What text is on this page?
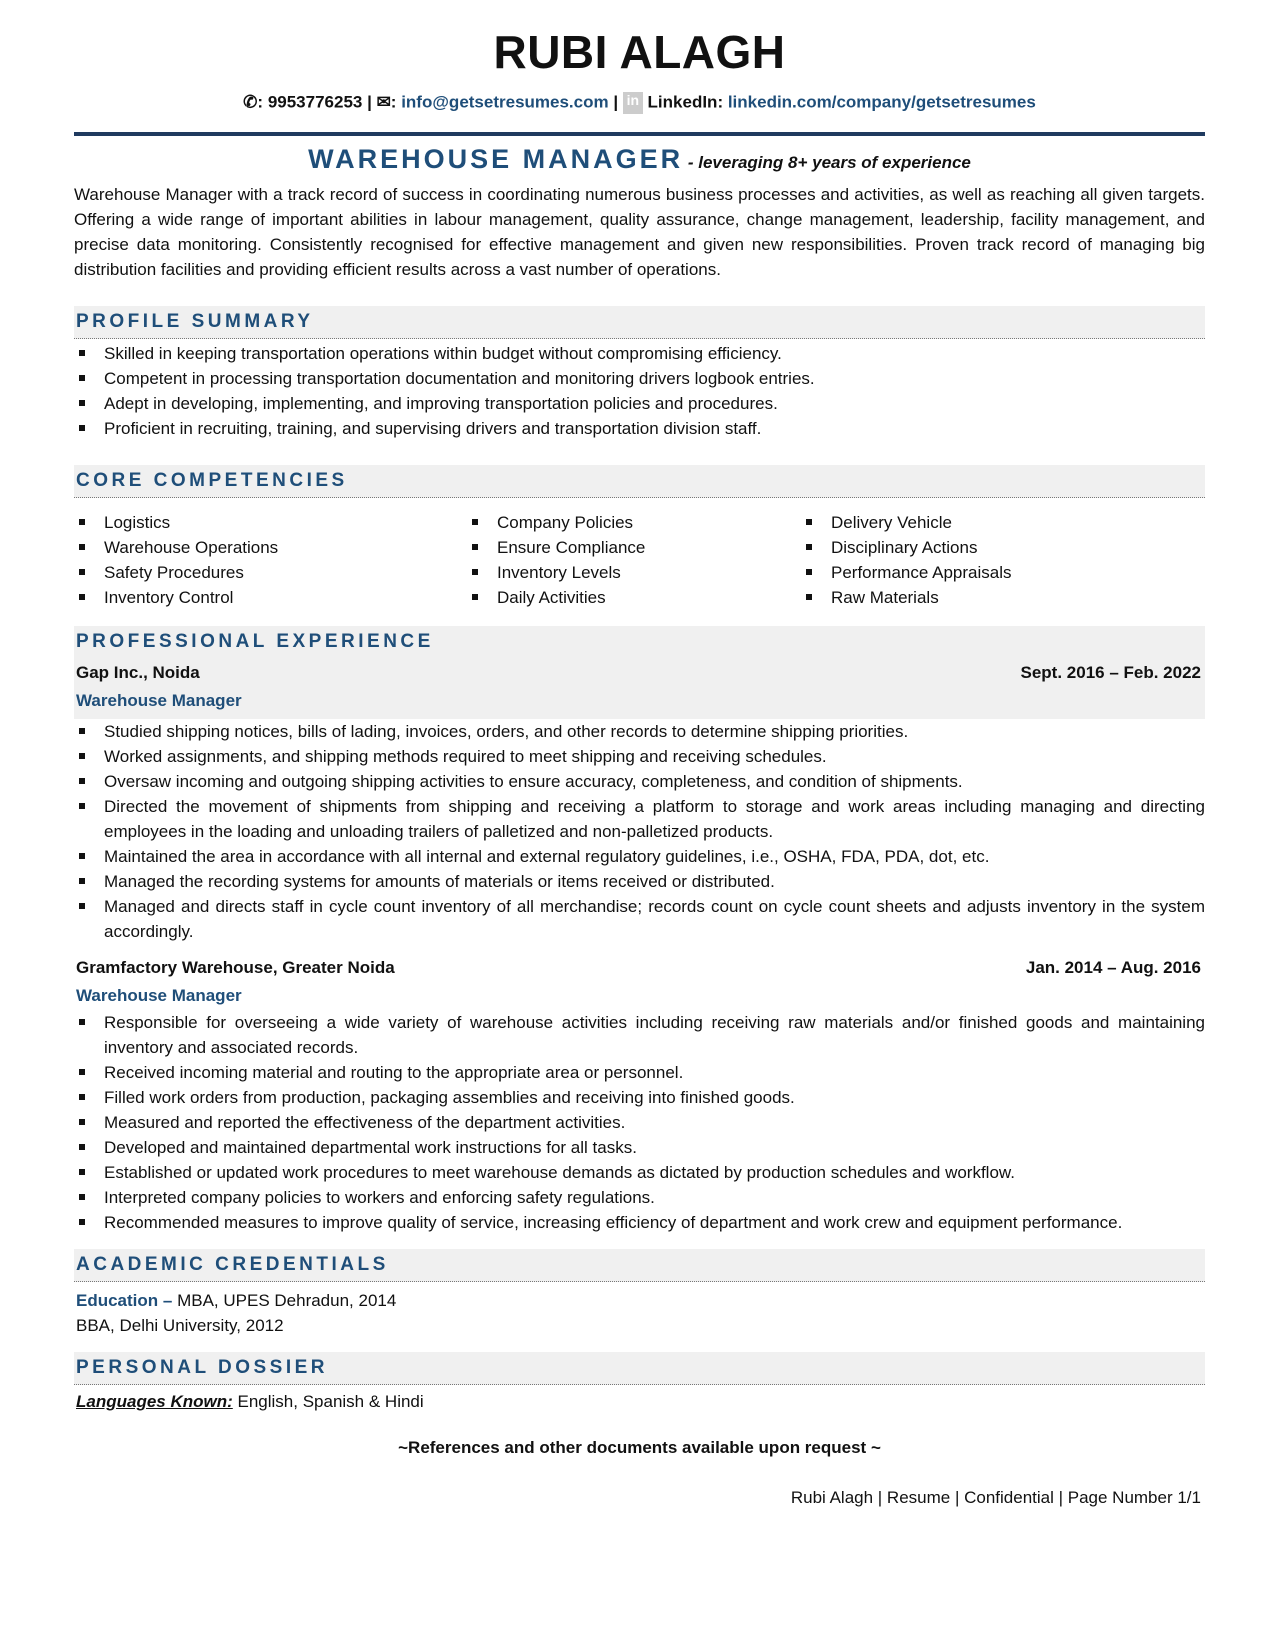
RUBI ALAGH
✆: 9953776253 | ✉: info@getsetresumes.com | in LinkedIn: linkedin.com/company/getsetresumes
WAREHOUSE MANAGER - leveraging 8+ years of experience

Warehouse Manager with a track record of success in coordinating numerous business processes and activities, as well as reaching all given targets. Offering a wide range of important abilities in labour management, quality assurance, change management, leadership, facility management, and precise data monitoring. Consistently recognised for effective management and given new responsibilities. Proven track record of managing big distribution facilities and providing efficient results across a vast number of operations.

PROFILE SUMMARY
Skilled in keeping transportation operations within budget without compromising efficiency.
Competent in processing transportation documentation and monitoring drivers logbook entries.
Adept in developing, implementing, and improving transportation policies and procedures.
Proficient in recruiting, training, and supervising drivers and transportation division staff.
CORE COMPETENCIES
Logistics
Warehouse Operations
Safety Procedures
Inventory Control
Company Policies
Ensure Compliance
Inventory Levels
Daily Activities
Delivery Vehicle
Disciplinary Actions
Performance Appraisals
Raw Materials
PROFESSIONAL EXPERIENCE
Gap Inc., Noida	Sept. 2016 – Feb. 2022
Warehouse Manager
Studied shipping notices, bills of lading, invoices, orders, and other records to determine shipping priorities.
Worked assignments, and shipping methods required to meet shipping and receiving schedules.
Oversaw incoming and outgoing shipping activities to ensure accuracy, completeness, and condition of shipments.
Directed the movement of shipments from shipping and receiving a platform to storage and work areas including managing and directing employees in the loading and unloading trailers of palletized and non-palletized products.
Maintained the area in accordance with all internal and external regulatory guidelines, i.e., OSHA, FDA, PDA, dot, etc.
Managed the recording systems for amounts of materials or items received or distributed.
Managed and directs staff in cycle count inventory of all merchandise; records count on cycle count sheets and adjusts inventory in the system accordingly.
Gramfactory Warehouse, Greater Noida	Jan. 2014 – Aug. 2016
Warehouse Manager
Responsible for overseeing a wide variety of warehouse activities including receiving raw materials and/or finished goods and maintaining inventory and associated records.
Received incoming material and routing to the appropriate area or personnel.
Filled work orders from production, packaging assemblies and receiving into finished goods.
Measured and reported the effectiveness of the department activities.
Developed and maintained departmental work instructions for all tasks.
Established or updated work procedures to meet warehouse demands as dictated by production schedules and workflow.
Interpreted company policies to workers and enforcing safety regulations.
Recommended measures to improve quality of service, increasing efficiency of department and work crew and equipment performance.
ACADEMIC CREDENTIALS
Education – MBA, UPES Dehradun, 2014
BBA, Delhi University, 2012
PERSONAL DOSSIER
Languages Known: English, Spanish & Hindi
~References and other documents available upon request ~
Rubi Alagh | Resume | Confidential | Page Number 1/1
